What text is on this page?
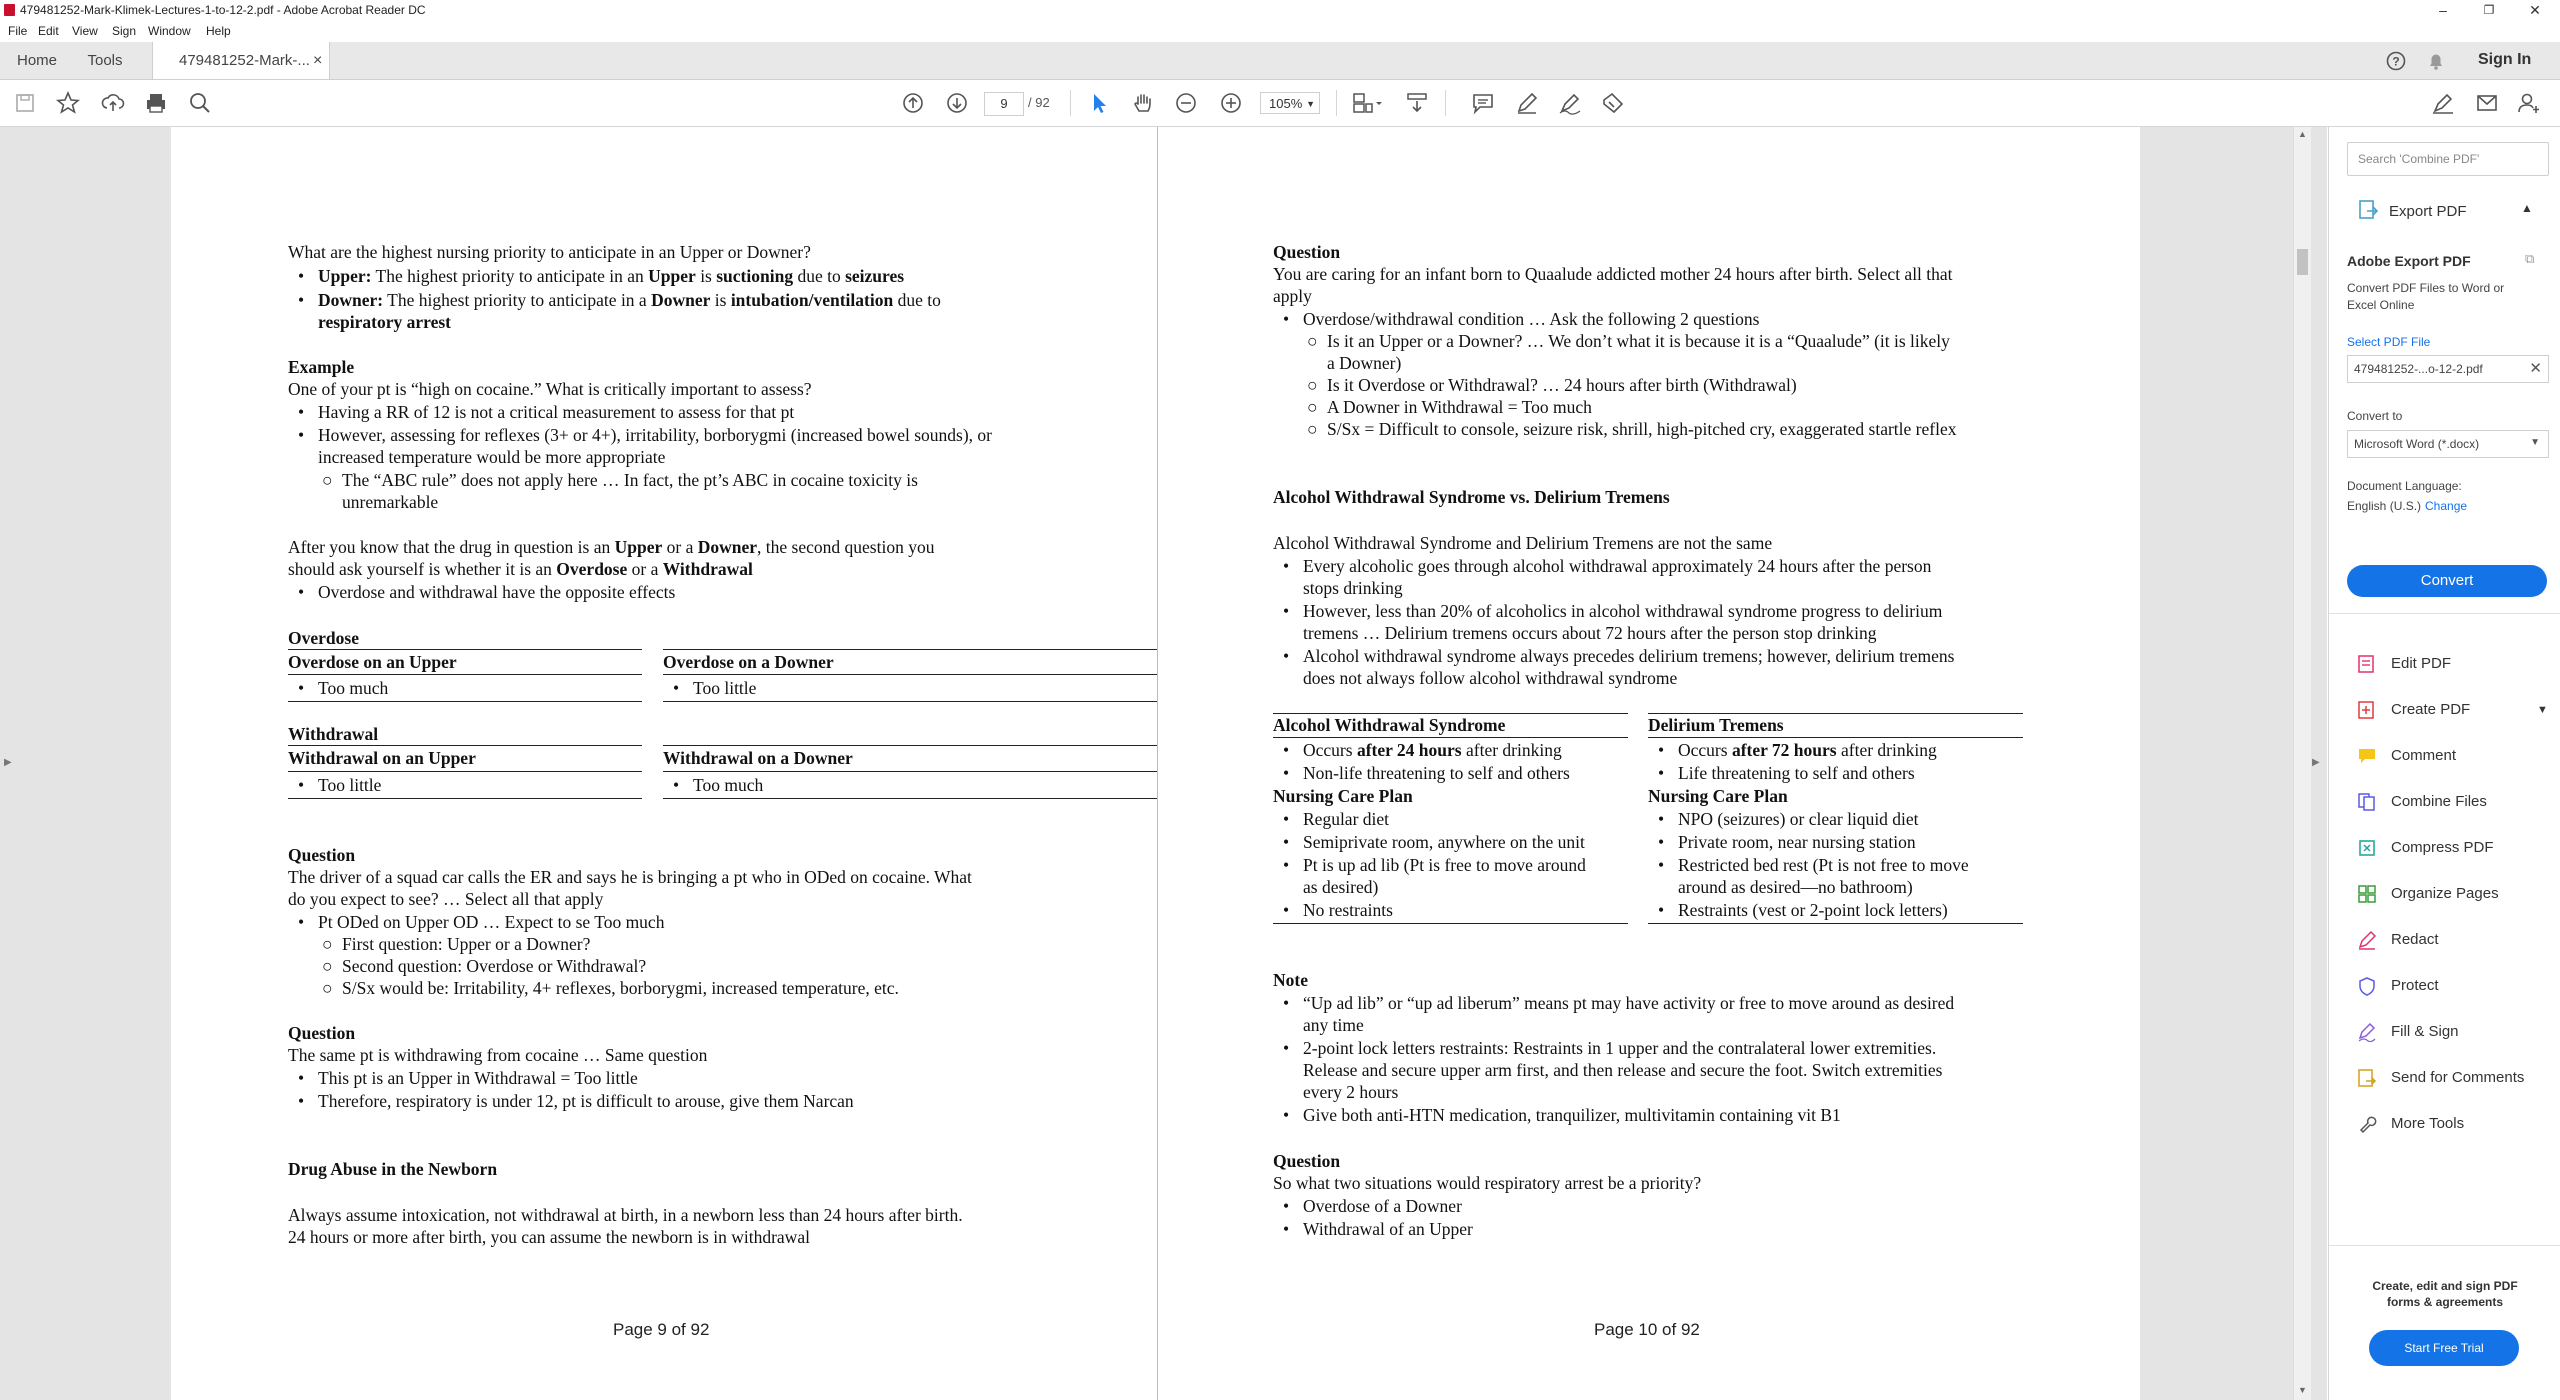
479481252-Mark-Klimek-Lectures-1-to-12-2.pdf - Adobe Acrobat Reader DC	–	❐	✕
File Edit View Sign Window Help
Home	Tools	479481252-Mark-... ×	?	Sign In
9	/ 92	105% ▼
▶
What are the highest nursing priority to anticipate in an Upper or Downer?
• Upper: The highest priority to anticipate in an Upper is suctioning due to seizures
• Downer: The highest priority to anticipate in a Downer is intubation/ventilation due to
respiratory arrest
Example
One of your pt is “high on cocaine.” What is critically important to assess?
• Having a RR of 12 is not a critical measurement to assess for that pt
• However, assessing for reflexes (3+ or 4+), irritability, borborygmi (increased bowel sounds), or
increased temperature would be more appropriate
○ The “ABC rule” does not apply here … In fact, the pt’s ABC in cocaine toxicity is
unremarkable
After you know that the drug in question is an Upper or a Downer, the second question you
should ask yourself is whether it is an Overdose or a Withdrawal
• Overdose and withdrawal have the opposite effects
Overdose
Overdose on an Upper	Overdose on a Downer
• Too much	• Too little
Withdrawal
Withdrawal on an Upper	Withdrawal on a Downer
• Too little	• Too much
Question
The driver of a squad car calls the ER and says he is bringing a pt who in ODed on cocaine. What
do you expect to see? … Select all that apply
• Pt ODed on Upper OD … Expect to se Too much
○ First question: Upper or a Downer?
○ Second question: Overdose or Withdrawal?
○ S/Sx would be: Irritability, 4+ reflexes, borborygmi, increased temperature, etc.
Question
The same pt is withdrawing from cocaine … Same question
• This pt is an Upper in Withdrawal = Too little
• Therefore, respiratory is under 12, pt is difficult to arouse, give them Narcan
Drug Abuse in the Newborn
Always assume intoxication, not withdrawal at birth, in a newborn less than 24 hours after birth.
24 hours or more after birth, you can assume the newborn is in withdrawal
Page 9 of 92
Question
You are caring for an infant born to Quaalude addicted mother 24 hours after birth. Select all that
apply
• Overdose/withdrawal condition … Ask the following 2 questions
○ Is it an Upper or a Downer? … We don’t what it is because it is a “Quaalude” (it is likely
a Downer)
○ Is it Overdose or Withdrawal? … 24 hours after birth (Withdrawal)
○ A Downer in Withdrawal = Too much
○ S/Sx = Difficult to console, seizure risk, shrill, high-pitched cry, exaggerated startle reflex
Alcohol Withdrawal Syndrome vs. Delirium Tremens
Alcohol Withdrawal Syndrome and Delirium Tremens are not the same
• Every alcoholic goes through alcohol withdrawal approximately 24 hours after the person
stops drinking
• However, less than 20% of alcoholics in alcohol withdrawal syndrome progress to delirium
tremens … Delirium tremens occurs about 72 hours after the person stop drinking
• Alcohol withdrawal syndrome always precedes delirium tremens; however, delirium tremens
does not always follow alcohol withdrawal syndrome
Alcohol Withdrawal Syndrome	Delirium Tremens
• Occurs after 24 hours after drinking	• Occurs after 72 hours after drinking
• Non-life threatening to self and others	• Life threatening to self and others
Nursing Care Plan	Nursing Care Plan
• Regular diet	• NPO (seizures) or clear liquid diet
• Semiprivate room, anywhere on the unit	• Private room, near nursing station
• Pt is up ad lib (Pt is free to move around	• Restricted bed rest (Pt is not free to move
as desired)	around as desired—no bathroom)
• No restraints	• Restraints (vest or 2-point lock letters)
Note
• “Up ad lib” or “up ad liberum” means pt may have activity or free to move around as desired
any time
• 2-point lock letters restraints: Restraints in 1 upper and the contralateral lower extremities.
Release and secure upper arm first, and then release and secure the foot. Switch extremities
every 2 hours
• Give both anti-HTN medication, tranquilizer, multivitamin containing vit B1
Question
So what two situations would respiratory arrest be a priority?
• Overdose of a Downer
• Withdrawal of an Upper
Page 10 of 92
▶
▲
▼
Search 'Combine PDF'
Export PDF	▲
Adobe Export PDF	⧉
Convert PDF Files to Word or
Excel Online
Select PDF File
479481252-...o-12-2.pdf	✕
Convert to
Microsoft Word (*.docx)	▼
Document Language:
English (U.S.) Change
Convert
Edit PDF
Create PDF	▼
Comment
Combine Files
Compress PDF
Organize Pages
Redact
Protect
Fill & Sign
Send for Comments
More Tools
Create, edit and sign PDF
forms & agreements
Start Free Trial
